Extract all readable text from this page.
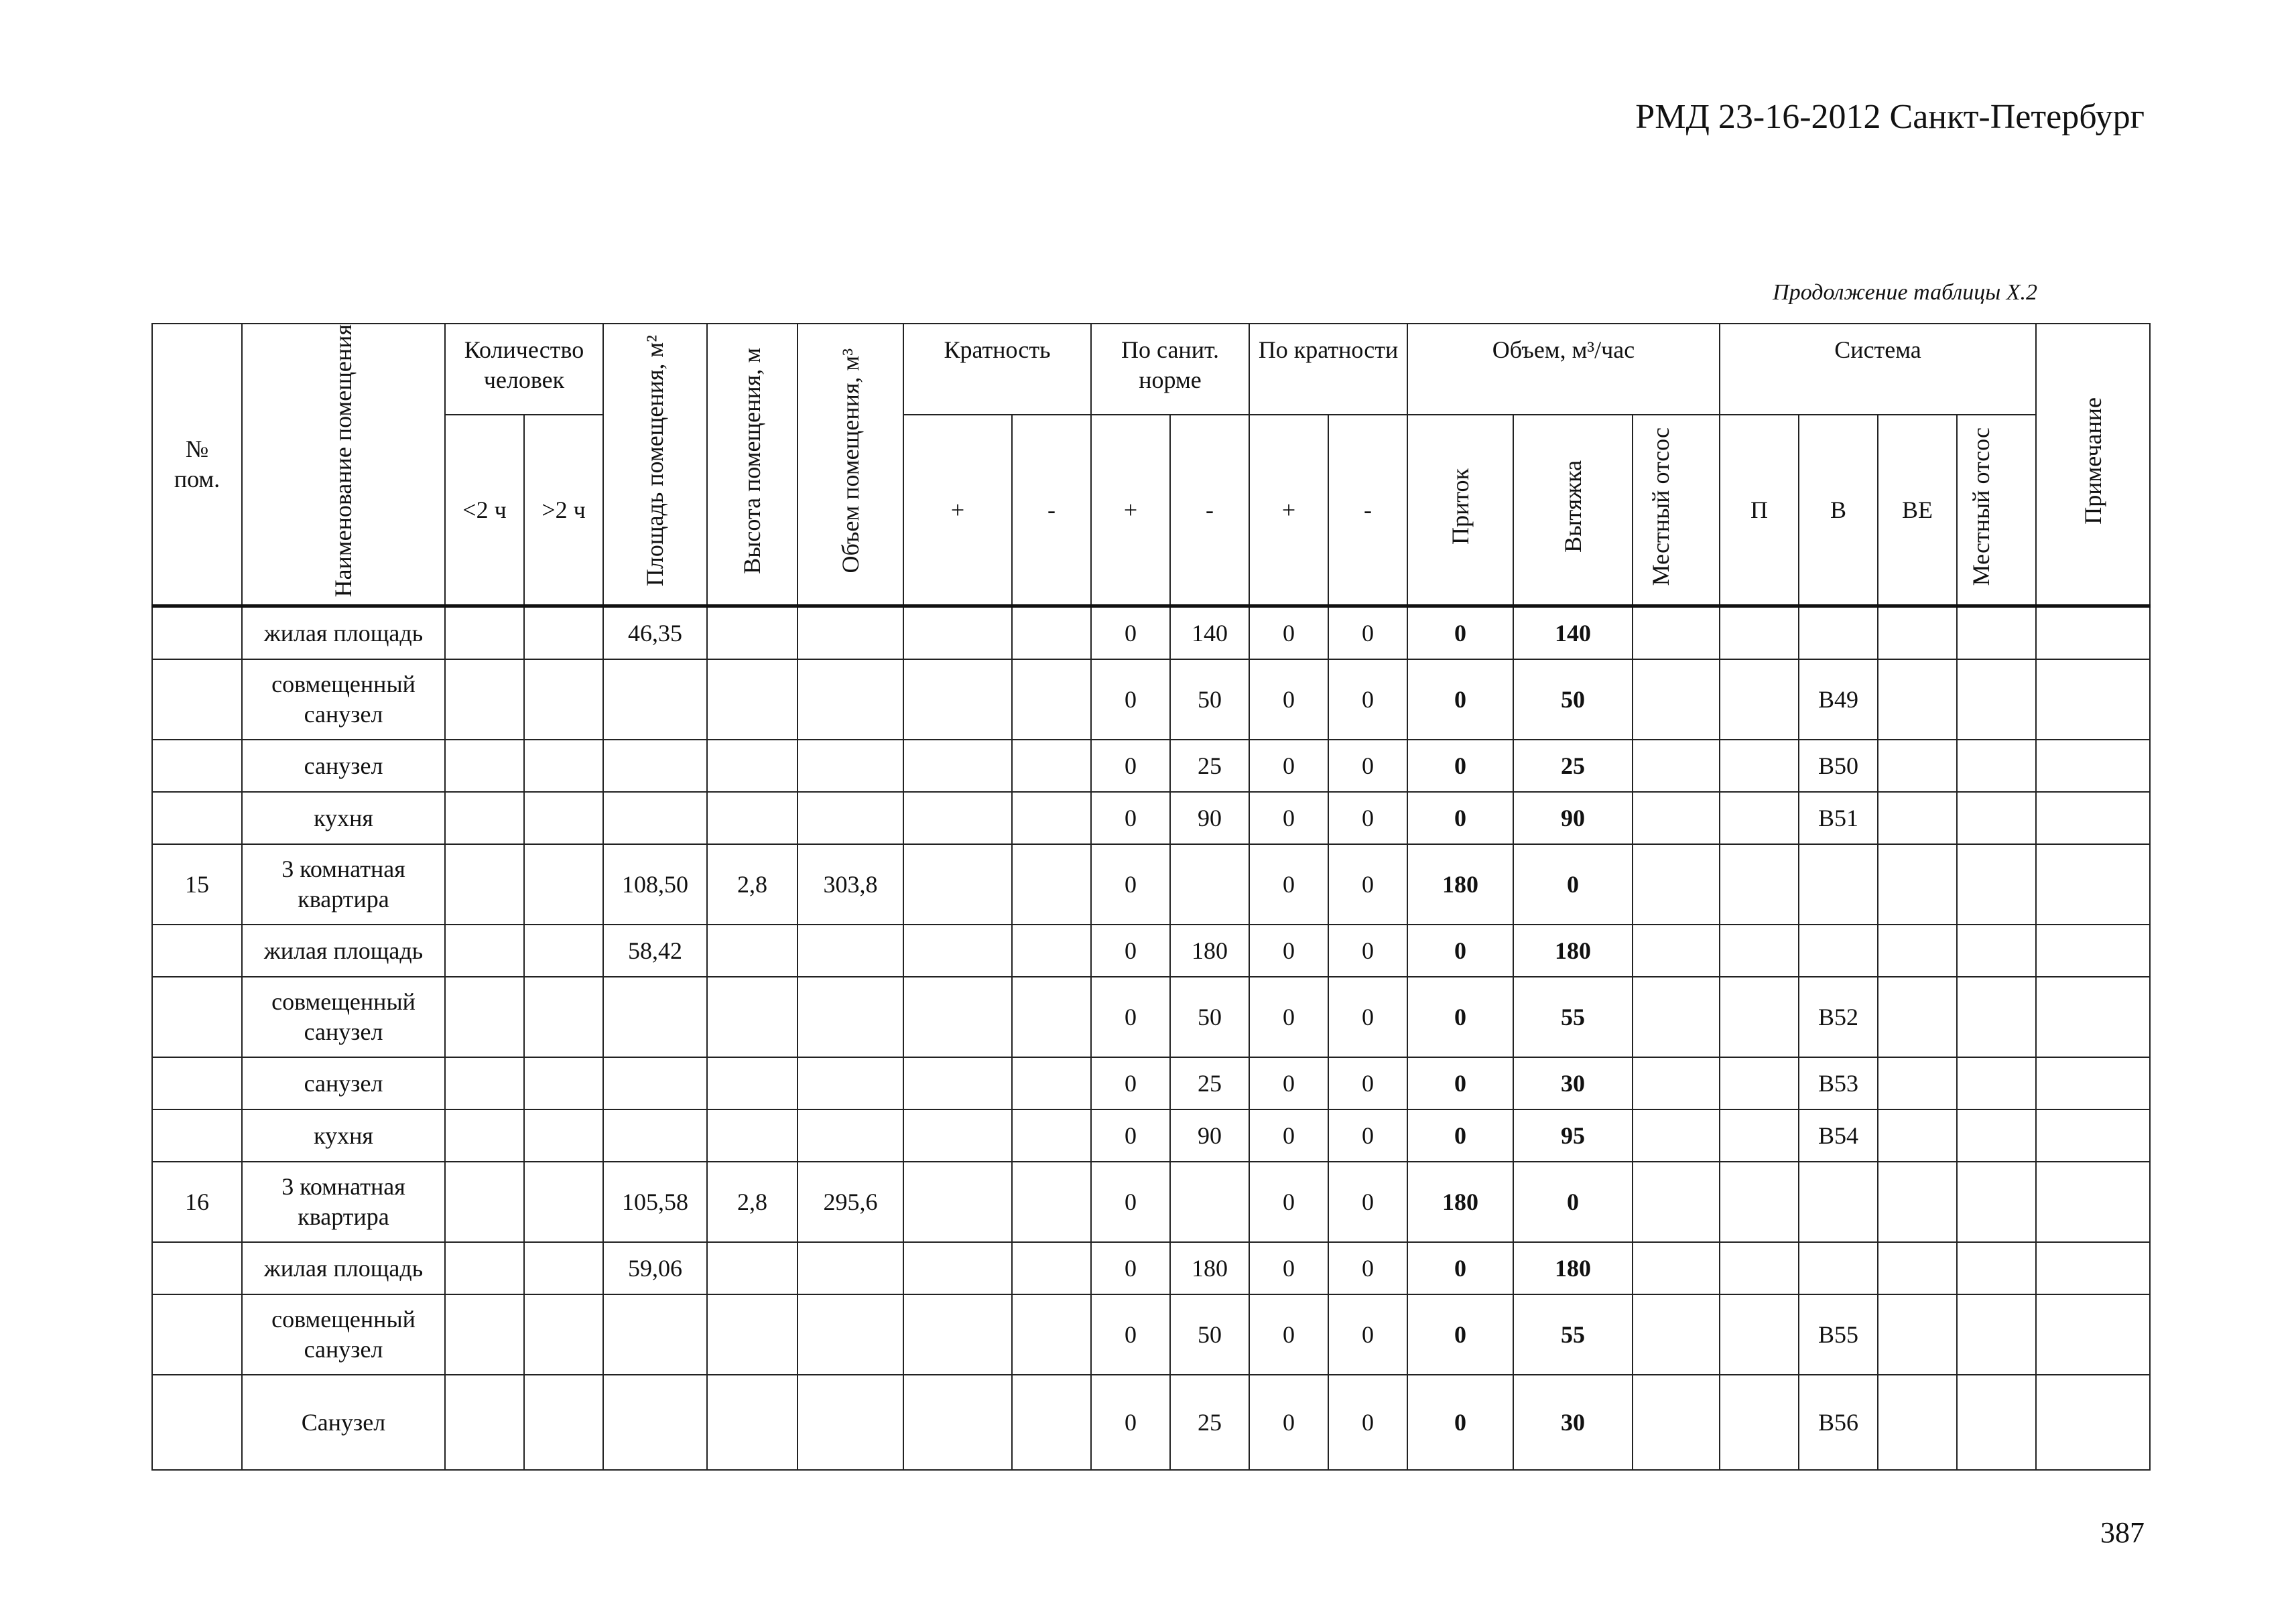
РМД 23-16-2012 Санкт-Петербург
Продолжение таблицы Х.2
№
пом.	Наименование помещения	Количество человек		Площадь помещения, м²	Высота помещения, м	Объем помещения, м³	Кратность		По санит. норме		По кратности		Объем, м³/час			Система				Примечание
		<2 ч	>2 ч				+	-	+	-	+	-	Приток	Вытяжка	Местный отсос	П	В	ВЕ	Местный отсос	
	жилая площадь			46,35					0	140	0	0	0	140						
	совмещенный санузел								0	50	0	0	0	50			В49			
	санузел								0	25	0	0	0	25			В50			
	кухня								0	90	0	0	0	90			В51			
15	3 комнатная квартира			108,50	2,8	303,8			0		0	0	180	0						
	жилая площадь			58,42					0	180	0	0	0	180						
	совмещенный санузел								0	50	0	0	0	55			В52			
	санузел								0	25	0	0	0	30			В53			
	кухня								0	90	0	0	0	95			В54			
16	3 комнатная квартира			105,58	2,8	295,6			0		0	0	180	0						
	жилая площадь			59,06					0	180	0	0	0	180						
	совмещенный санузел								0	50	0	0	0	55			В55			
	Санузел								0	25	0	0	0	30			В56			
387
